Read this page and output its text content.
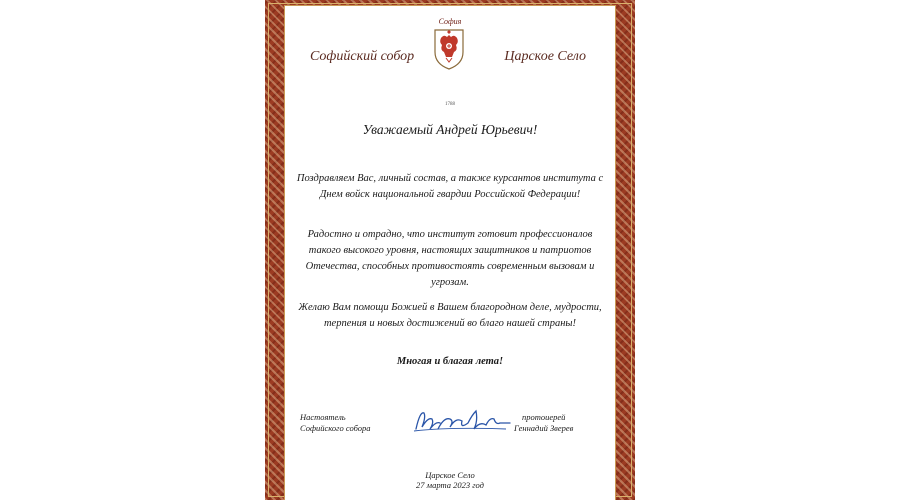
София
Софийский собор	Царское Село
1788
Уважаемый Андрей Юрьевич!
Поздравляем Вас, личный состав, а также курсантов института с Днем войск национальной гвардии Российской Федерации!
Радостно и отрадно, что институт готовит профессионалов такого высокого уровня, настоящих защитников и патриотов Отечества, способных противостоять современным вызовам и угрозам.
Желаю Вам помощи Божией в Вашем благородном деле, мудрости, терпения и новых достижений во благо нашей страны!
Многая и благая лета!
Настоятель
Софийского собора
протоиерей
Геннадий Зверев
Царское Село
27 марта 2023 год
